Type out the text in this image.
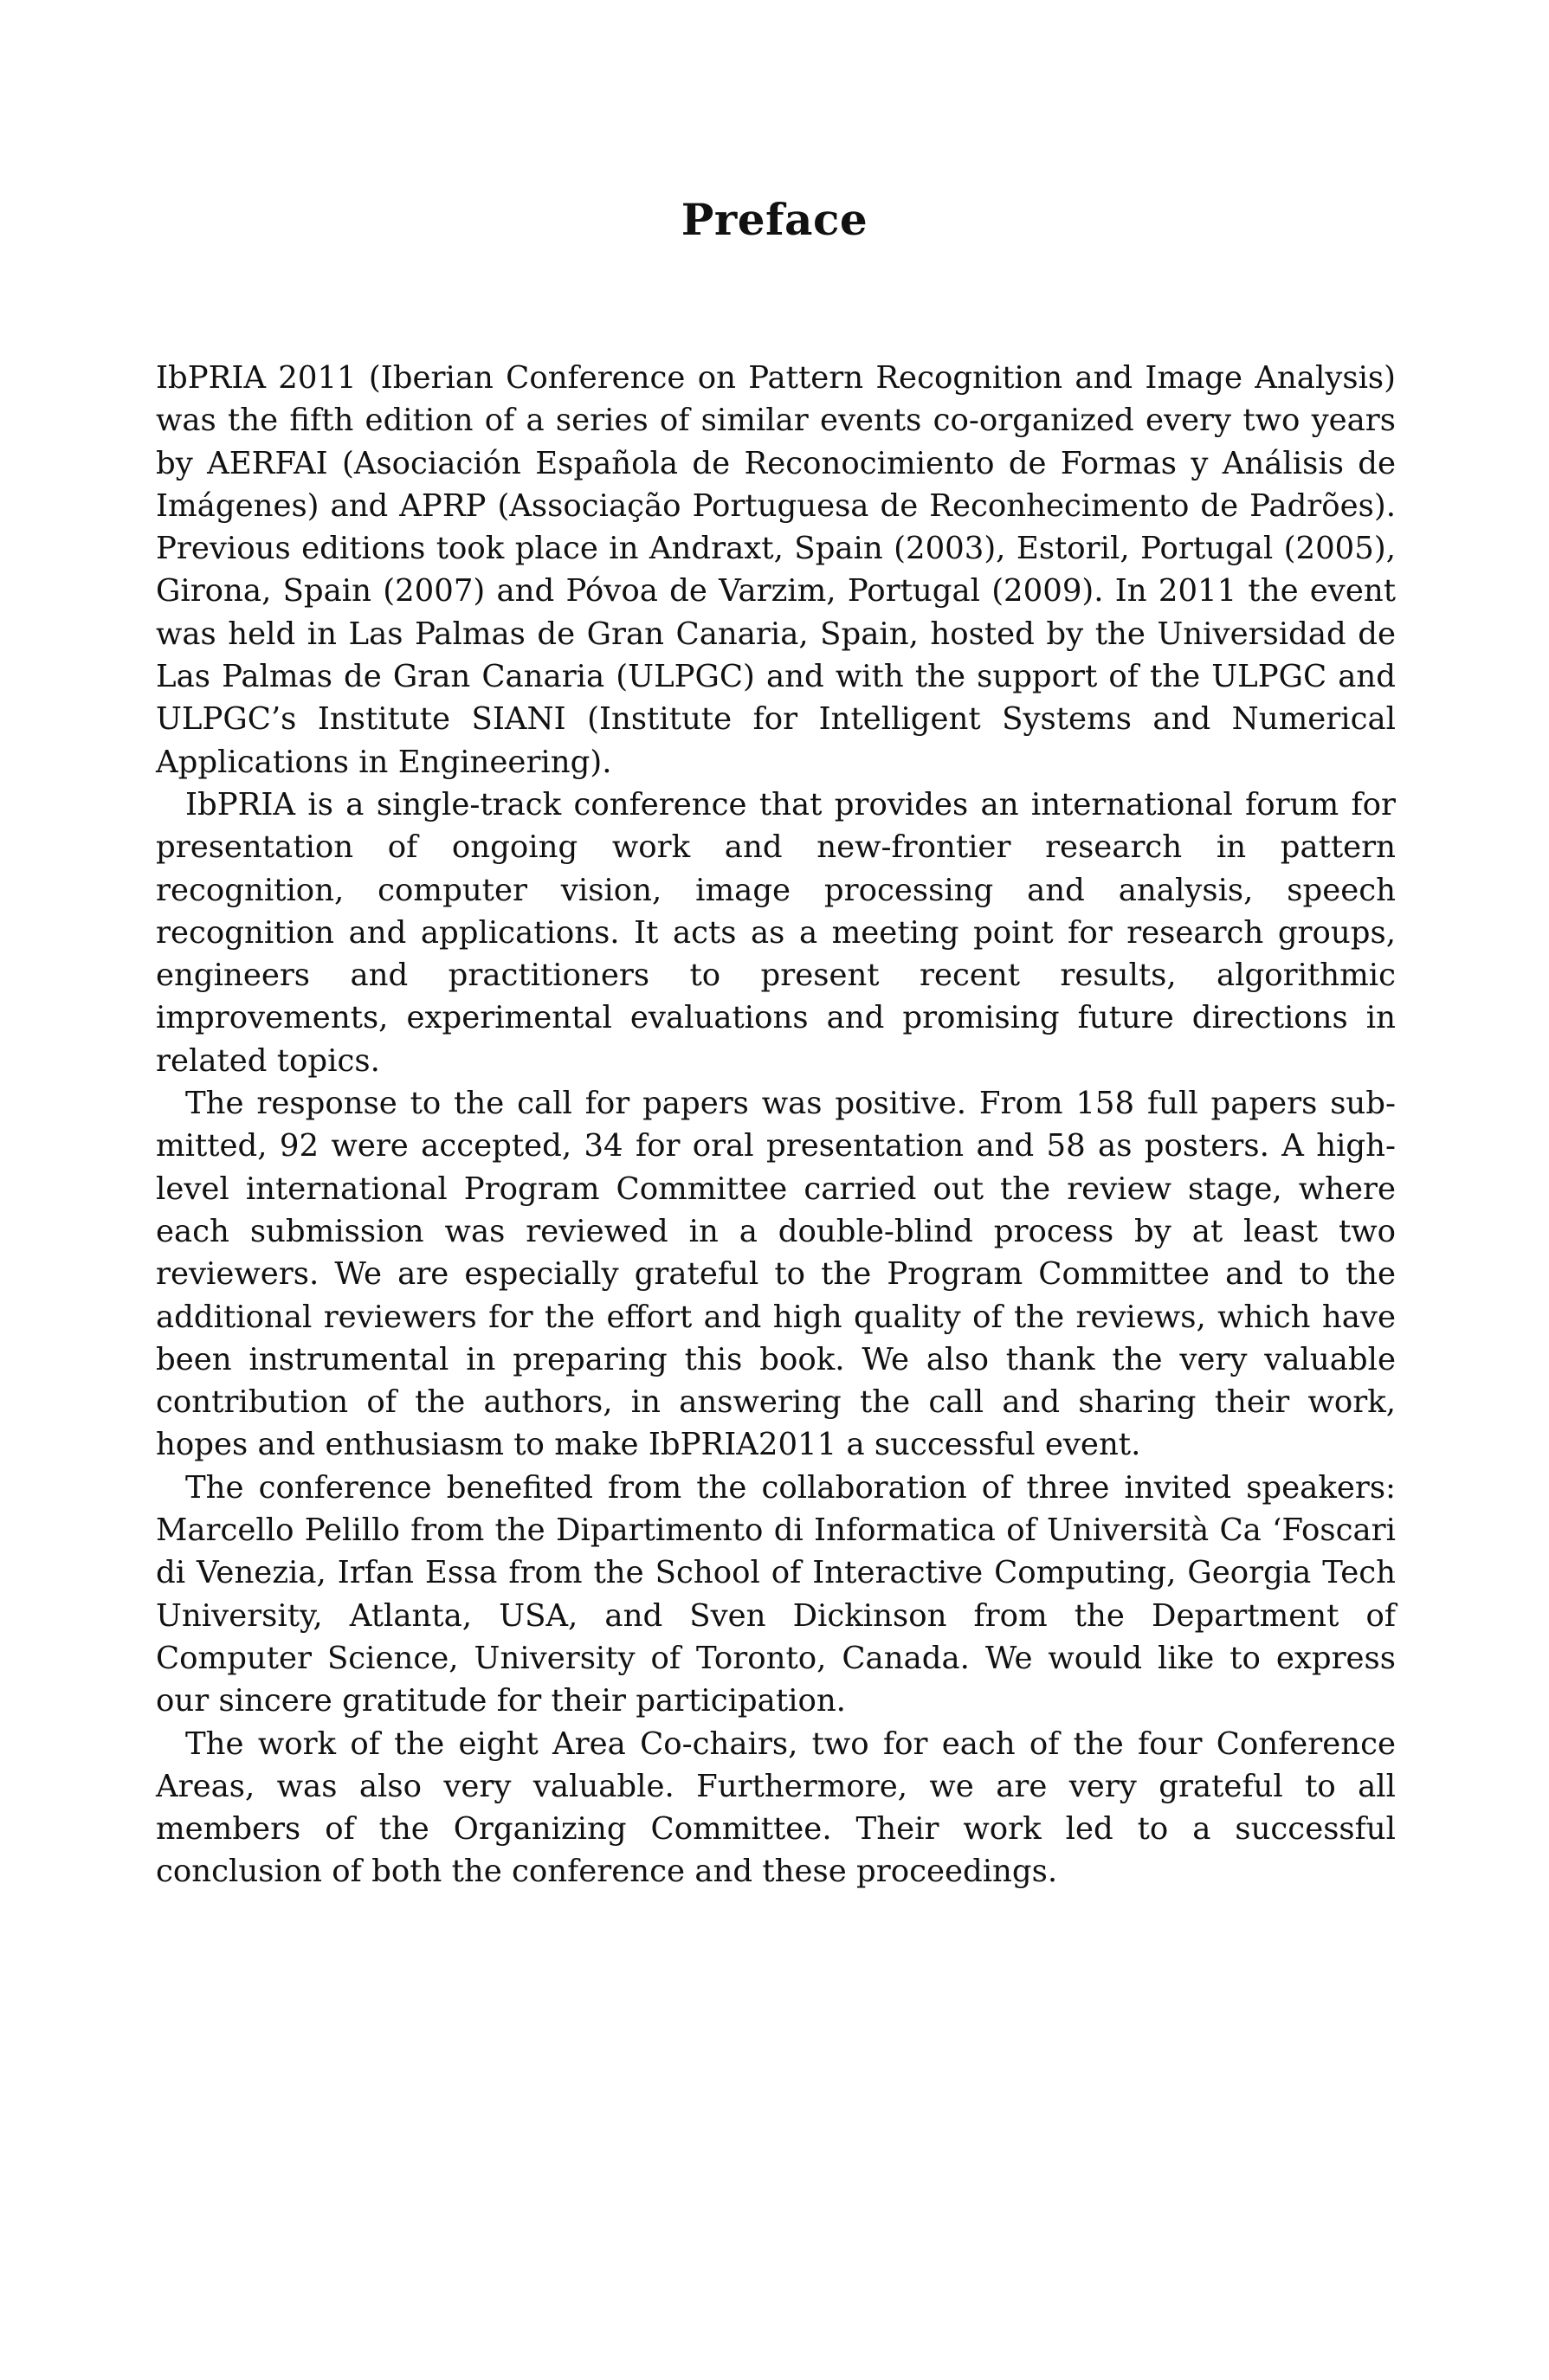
Preface

IbPRIA 2011 (Iberian Conference on Pattern Recognition and Image Analysis) was the fifth edition of a series of similar events co-organized every two years by AERFAI (Asociación Española de Reconocimiento de Formas y Análisis de Imágenes) and APRP (Associação Portuguesa de Reconhecimento de Padrões). Previous editions took place in Andraxt, Spain (2003), Estoril, Portugal (2005), Girona, Spain (2007) and Póvoa de Varzim, Portugal (2009). In 2011 the event was held in Las Palmas de Gran Canaria, Spain, hosted by the Universidad de Las Palmas de Gran Canaria (ULPGC) and with the support of the ULPGC and ULPGC’s Institute SIANI (Institute for Intelligent Systems and Numerical Applications in Engineering).

IbPRIA is a single-track conference that provides an international forum for presentation of ongoing work and new-frontier research in pattern recognition, computer vision, image processing and analysis, speech recognition and applications. It acts as a meeting point for research groups, engineers and practitioners to present recent results, algorithmic improvements, experimental evaluations and promising future directions in related topics.

The response to the call for papers was positive. From 158 full papers submitted, 92 were accepted, 34 for oral presentation and 58 as posters. A high-level international Program Committee carried out the review stage, where each submission was reviewed in a double-blind process by at least two reviewers. We are especially grateful to the Program Committee and to the additional reviewers for the effort and high quality of the reviews, which have been instrumental in preparing this book. We also thank the very valuable contribution of the authors, in answering the call and sharing their work, hopes and enthusiasm to make IbPRIA2011 a successful event.

The conference benefited from the collaboration of three invited speakers: Marcello Pelillo from the Dipartimento di Informatica of Università Ca ‘Foscari di Venezia, Irfan Essa from the School of Interactive Computing, Georgia Tech University, Atlanta, USA, and Sven Dickinson from the Department of Computer Science, University of Toronto, Canada. We would like to express our sincere gratitude for their participation.

The work of the eight Area Co-chairs, two for each of the four Conference Areas, was also very valuable. Furthermore, we are very grateful to all members of the Organizing Committee. Their work led to a successful conclusion of both the conference and these proceedings.
